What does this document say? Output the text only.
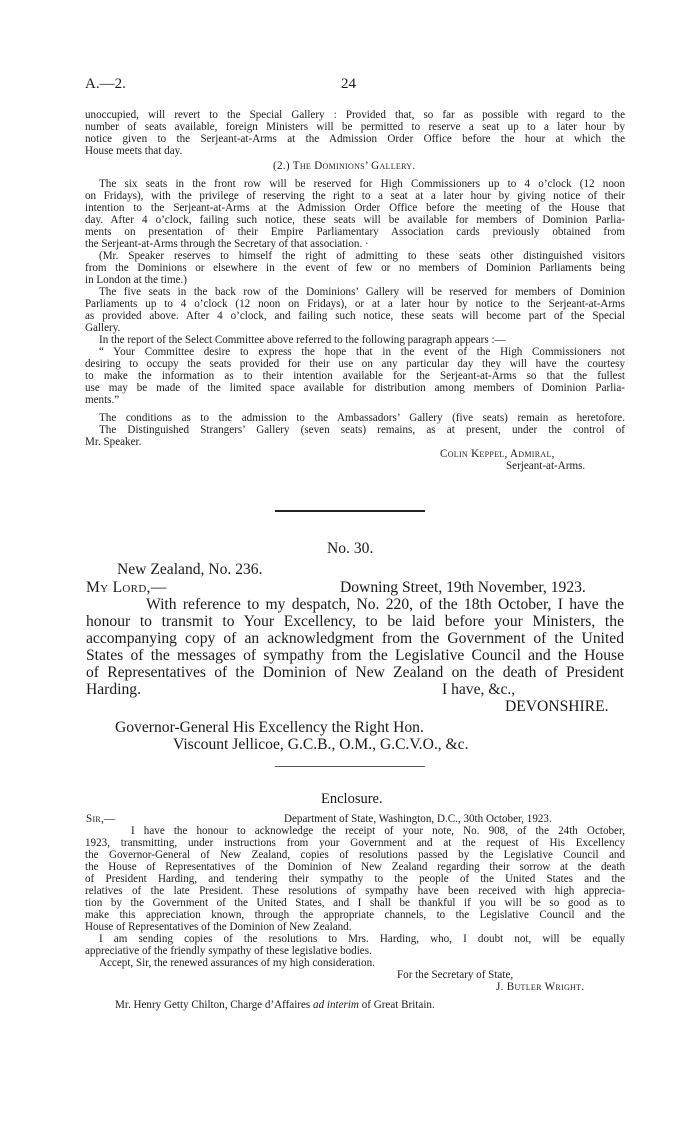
A.—2.	24
unoccupied, will revert to the Special Gallery : Provided that, so far as possible with regard to the
number of seats available, foreign Ministers will be permitted to reserve a seat up to a later hour by
notice given to the Serjeant-at-Arms at the Admission Order Office before the hour at which the
House meets that day.
(2.) The Dominions’ Gallery.
The six seats in the front row will be reserved for High Commissioners up to 4 o’clock (12 noon
on Fridays), with the privilege of reserving the right to a seat at a later hour by giving notice of their
intention to the Serjeant-at-Arms at the Admission Order Office before the meeting of the House that
day. After 4 o’clock, failing such notice, these seats will be available for members of Dominion Parlia-
ments on presentation of their Empire Parliamentary Association cards previously obtained from
the Serjeant-at-Arms through the Secretary of that association. ·
(Mr. Speaker reserves to himself the right of admitting to these seats other distinguished visitors
from the Dominions or elsewhere in the event of few or no members of Dominion Parliaments being
in London at the time.)
The five seats in the back row of the Dominions’ Gallery will be reserved for members of Dominion
Parliaments up to 4 o’clock (12 noon on Fridays), or at a later hour by notice to the Serjeant-at-Arms
as provided above. After 4 o’clock, and failing such notice, these seats will become part of the Special
Gallery.
In the report of the Select Committee above referred to the following paragraph appears :—
“ Your Committee desire to express the hope that in the event of the High Commissioners not
desiring to occupy the seats provided for their use on any particular day they will have the courtesy
to make the information as to their intention available for the Serjeant-at-Arms so that the fullest
use may be made of the limited space available for distribution among members of Dominion Parlia-
ments.”
The conditions as to the admission to the Ambassadors’ Gallery (five seats) remain as heretofore.
The Distinguished Strangers’ Gallery (seven seats) remains, as at present, under the control of
Mr. Speaker.
Colin Keppel, Admiral,
Serjeant-at-Arms.
No. 30.
New Zealand, No. 236.
My Lord,—	Downing Street, 19th November, 1923.
With reference to my despatch, No. 220, of the 18th October, I have the
honour to transmit to Your Excellency, to be laid before your Ministers, the
accompanying copy of an acknowledgment from the Government of the United
States of the messages of sympathy from the Legislative Council and the House
of Representatives of the Dominion of New Zealand on the death of President
Harding.	I have, &c.,
DEVONSHIRE.
Governor-General His Excellency the Right Hon.
Viscount Jellicoe, G.C.B., O.M., G.C.V.O., &c.
Enclosure.
Sir,—	Department of State, Washington, D.C., 30th October, 1923.
I have the honour to acknowledge the receipt of your note, No. 908, of the 24th October,
1923, transmitting, under instructions from your Government and at the request of His Excellency
the Governor-General of New Zealand, copies of resolutions passed by the Legislative Council and
the House of Representatives of the Dominion of New Zealand regarding their sorrow at the death
of President Harding, and tendering their sympathy to the people of the United States and the
relatives of the late President. These resolutions of sympathy have been received with high apprecia-
tion by the Government of the United States, and I shall be thankful if you will be so good as to
make this appreciation known, through the appropriate channels, to the Legislative Council and the
House of Representatives of the Dominion of New Zealand.
I am sending copies of the resolutions to Mrs. Harding, who, I doubt not, will be equally
appreciative of the friendly sympathy of these legislative bodies.
Accept, Sir, the renewed assurances of my high consideration.
For the Secretary of State,
J. Butler Wright.
Mr. Henry Getty Chilton, Charge d’Affaires ad interim of Great Britain.
